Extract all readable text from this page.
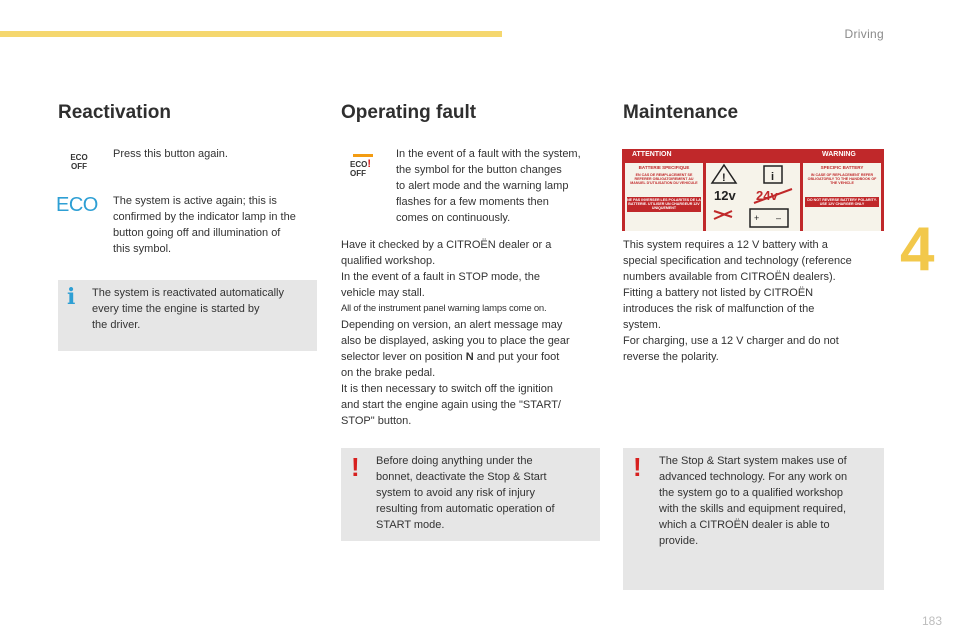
Driving
4
183
Reactivation
ECO
OFF

Press this button again.

ECO The system is active again; this is
confirmed by the indicator lamp in the
button going off and illumination of
this symbol.
i The system is reactivated automatically
every time the engine is started by
the driver.
Operating fault
ECO!
OFF
In the event of a fault with the system,
the symbol for the button changes
to alert mode and the warning lamp
flashes for a few moments then
comes on continuously.
Have it checked by a CITROËN dealer or a
qualified workshop.
In the event of a fault in STOP mode, the
vehicle may stall.
All of the instrument panel warning lamps come on.
Depending on version, an alert message may
also be displayed, asking you to place the gear
selector lever on position N and put your foot
on the brake pedal.
It is then necessary to switch off the ignition
and start the engine again using the "START/
STOP" button.
! Before doing anything under the
bonnet, deactivate the Stop & Start
system to avoid any risk of injury
resulting from automatic operation of
START mode.
Maintenance
ATTENTION	WARNING
BATTERIE SPECIFIQUE
EN CAS DE REMPLACEMENT SE REFERER OBLIGATOIREMENT AU MANUEL D'UTILISATION DU VEHICULE
NE PAS INVERSER LES POLARITES DE LA BATTERIE. UTILISER UN CHARGEUR 12V UNIQUEMENT
!	i
12v 24v
+ –
SPECIFIC BATTERY
IN CASE OF REPLACEMENT REFER OBLIGATORILY TO THE HANDBOOK OF THE VEHICLE
DO NOT REVERSE BATTERY POLARITY. USE 12V CHARGER ONLY
This system requires a 12 V battery with a
special specification and technology (reference
numbers available from CITROËN dealers).
Fitting a battery not listed by CITROËN
introduces the risk of malfunction of the
system.
For charging, use a 12 V charger and do not
reverse the polarity.
! The Stop & Start system makes use of
advanced technology. For any work on
the system go to a qualified workshop
with the skills and equipment required,
which a CITROËN dealer is able to
provide.
